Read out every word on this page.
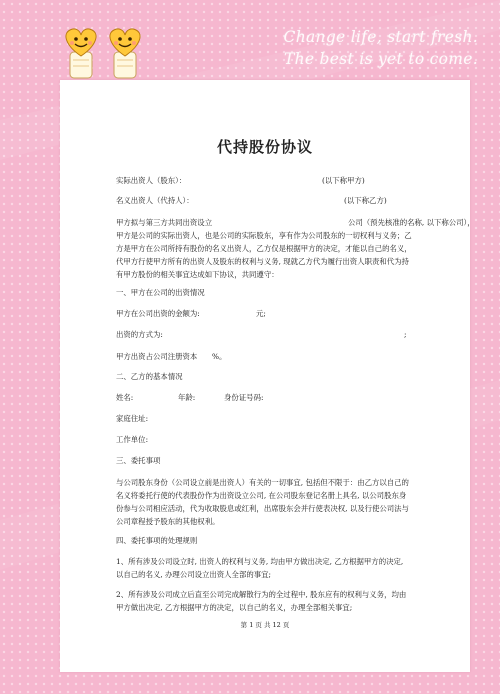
Change life, start fresh.
The best is yet to come.
代持股份协议
实际出资人（股东）：	(以下称甲方)
名义出资人（代持人）：	(以下称乙方)
甲方拟与第三方共同出资设立	公司（预先核准的名称, 以下称公司），
甲方是公司的实际出资人，也是公司的实际股东，享有作为公司股东的一切权利与义务；乙
方是甲方在公司所持有股份的名义出资人，乙方仅是根据甲方的决定，才能以自己的名义，
代甲方行使甲方所有的出资人及股东的权利与义务, 现就乙方代为履行出资人职责和代为持
有甲方股份的相关事宜达成如下协议，共同遵守：
一、甲方在公司的出资情况
甲方在公司出资的金额为:	元;
出资的方式为:	;
甲方出资占公司注册资本 %。
二、乙方的基本情况
姓名:	年龄:	身份证号码:
家庭住址:
工作单位:
三、委托事项
与公司股东身份（公司设立前是出资人）有关的一切事宜, 包括但不限于：由乙方以自己的
名义将委托行使的代表股份作为出资设立公司, 在公司股东登记名册上具名, 以公司股东身
份参与公司相应活动，代为收取股息或红利，出席股东会并行使表决权, 以及行使公司法与
公司章程授予股东的其他权利。
四、委托事项的处理规则
1、所有涉及公司设立时, 出资人的权利与义务, 均由甲方做出决定, 乙方根据甲方的决定,
以自己的名义, 办理公司设立出资人全部的事宜;
2、所有涉及公司成立后直至公司完成解散行为的全过程中, 股东应有的权利与义务，均由
甲方做出决定, 乙方根据甲方的决定，以自己的名义，办理全部相关事宜;
第 1 页 共 12 页
